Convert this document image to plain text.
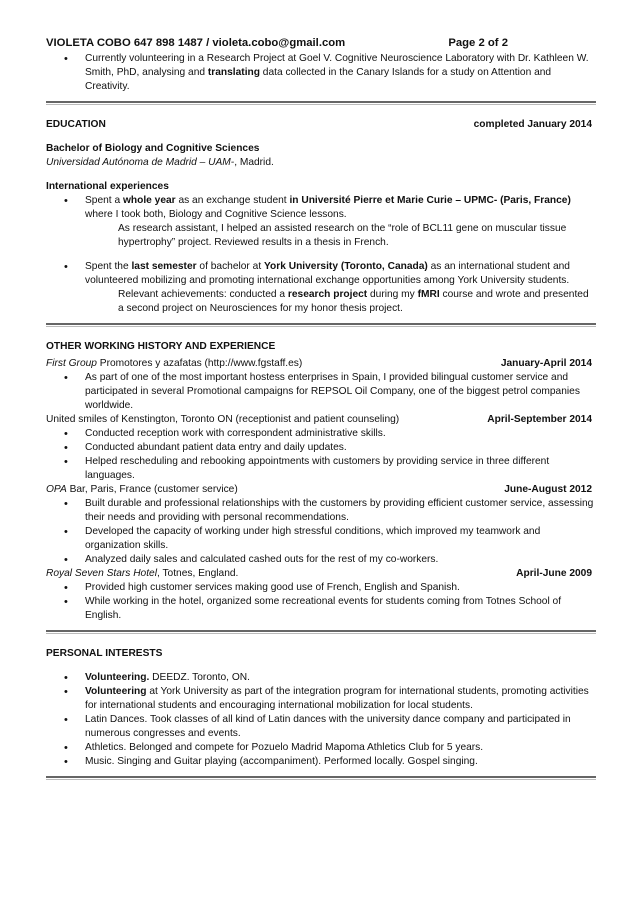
VIOLETA COBO 647 898 1487 / violeta.cobo@gmail.com	Page 2 of 2
• Currently volunteering in a Research Project at Goel V. Cognitive Neuroscience Laboratory with Dr. Kathleen W. Smith, PhD, analysing and translating data collected in the Canary Islands for a study on Attention and Creativity.
EDUCATION	completed January 2014
Bachelor of Biology and Cognitive Sciences
Universidad Autónoma de Madrid – UAM-, Madrid.
International experiences
• Spent a whole year as an exchange student in Université Pierre et Marie Curie – UPMC- (Paris, France) where I took both, Biology and Cognitive Science lessons.
As research assistant, I helped an assisted research on the “role of BCL11 gene on muscular tissue hypertrophy” project. Reviewed results in a thesis in French.
• Spent the last semester of bachelor at York University (Toronto, Canada) as an international student and volunteered mobilizing and promoting international exchange opportunities among York University students.
Relevant achievements: conducted a research project during my fMRI course and wrote and presented a second project on Neurosciences for my honor thesis project.
OTHER WORKING HISTORY AND EXPERIENCE
First Group Promotores y azafatas (http://www.fgstaff.es)	January-April 2014
• As part of one of the most important hostess enterprises in Spain, I provided bilingual customer service and participated in several Promotional campaigns for REPSOL Oil Company, one of the biggest petrol companies worldwide.
United smiles of Kenstington, Toronto ON (receptionist and patient counseling)	April-September 2014
• Conducted reception work with correspondent administrative skills.
• Conducted abundant patient data entry and daily updates.
• Helped rescheduling and rebooking appointments with customers by providing service in three different languages.
OPA Bar, Paris, France (customer service)	June-August 2012
• Built durable and professional relationships with the customers by providing efficient customer service, assessing their needs and providing with personal recommendations.
• Developed the capacity of working under high stressful conditions, which improved my teamwork and organization skills.
• Analyzed daily sales and calculated cashed outs for the rest of my co-workers.
Royal Seven Stars Hotel, Totnes, England.	April-June 2009
• Provided high customer services making good use of French, English and Spanish.
• While working in the hotel, organized some recreational events for students coming from Totnes School of English.
PERSONAL INTERESTS
• Volunteering. DEEDZ. Toronto, ON.
• Volunteering at York University as part of the integration program for international students, promoting activities for international students and encouraging international mobilization for local students.
• Latin Dances. Took classes of all kind of Latin dances with the university dance company and participated in numerous congresses and events.
• Athletics. Belonged and compete for Pozuelo Madrid Mapoma Athletics Club for 5 years.
• Music. Singing and Guitar playing (accompaniment). Performed locally. Gospel singing.
